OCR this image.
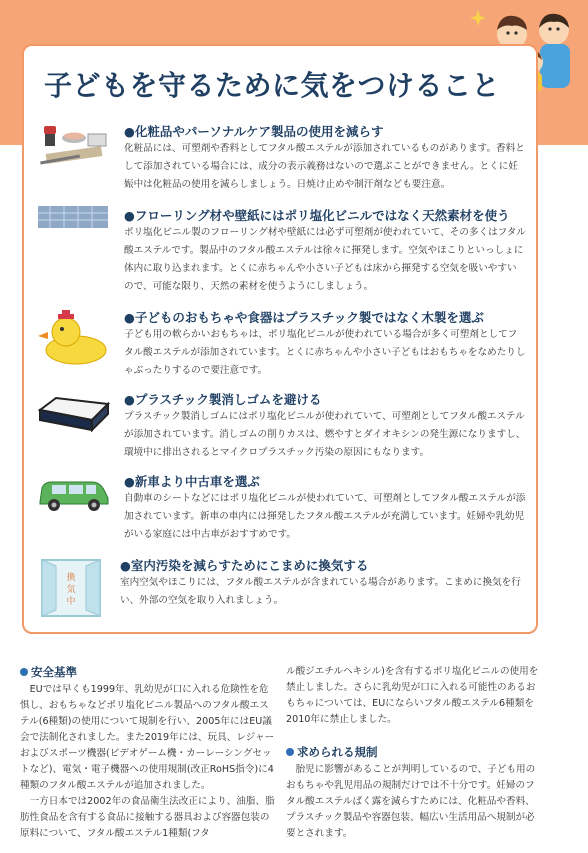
子どもを守るために気をつけること
●化粧品やパーソナルケア製品の使用を減らす
化粧品には、可塑剤や香料としてフタル酸エステルが添加されているものがあります。香料として添加されている場合には、成分の表示義務はないので選ぶことができません。とくに妊娠中は化粧品の使用を減らしましょう。日焼け止めや制汗剤なども要注意。
●フローリング材や壁紙にはポリ塩化ビニルではなく天然素材を使う
ポリ塩化ビニル製のフローリング材や壁紙には必ず可塑剤が使われていて、その多くはフタル酸エステルです。製品中のフタル酸エステルは徐々に揮発します。空気やほこりといっしょに体内に取り込まれます。とくに赤ちゃんや小さい子どもは床から揮発する空気を吸いやすいので、可能な限り、天然の素材を使うようにしましょう。
●子どものおもちゃや食器はプラスチック製ではなく木製を選ぶ
子ども用の軟らかいおもちゃは、ポリ塩化ビニルが使われている場合が多く可塑剤としてフタル酸エステルが添加されています。とくに赤ちゃんや小さい子どもはおもちゃをなめたりしゃぶったりするので要注意です。
●プラスチック製消しゴムを避ける
プラスチック製消しゴムにはポリ塩化ビニルが使われていて、可塑剤としてフタル酸エステルが添加されています。消しゴムの削りカスは、燃やすとダイオキシンの発生源になりますし、環境中に排出されるとマイクロプラスチック汚染の原因にもなります。
●新車より中古車を選ぶ
自動車のシートなどにはポリ塩化ビニルが使われていて、可塑剤としてフタル酸エステルが添加されています。新車の車内には揮発したフタル酸エステルが充満しています。妊婦や乳幼児がいる家庭には中古車がおすすめです。
換
気
中
●室内汚染を減らすためにこまめに換気する
室内空気やほこりには、フタル酸エステルが含まれている場合があります。こまめに換気を行い、外部の空気を取り入れましょう。
安全基準
EUでは早くも1999年、乳幼児が口に入れる危険性を危惧し、おもちゃなどポリ塩化ビニル製品へのフタル酸エステル(6種類)の使用について規制を行い、2005年にはEU議会で法制化されました。また2019年には、玩具、レジャーおよびスポーツ機器(ビデオゲーム機・カーレーシングセットなど)、電気・電子機器への使用規制(改正RoHS指令)に4種類のフタル酸エステルが追加されました。
一方日本では2002年の食品衛生法改正により、油脂、脂肪性食品を含有する食品に接触する器具および容器包装の原料について、フタル酸エステル1種類(フタ
ル酸ジエチルヘキシル)を含有するポリ塩化ビニルの使用を禁止しました。さらに乳幼児が口に入れる可能性のあるおもちゃについては、EUにならいフタル酸エステル6種類を2010年に禁止しました。
求められる規制
胎児に影響があることが判明しているので、子ども用のおもちゃや乳児用品の規制だけでは不十分です。妊婦のフタル酸エステルばく露を減らすためには、化粧品や香料、プラスチック製品や容器包装、幅広い生活用品へ規制が必要とされます。
